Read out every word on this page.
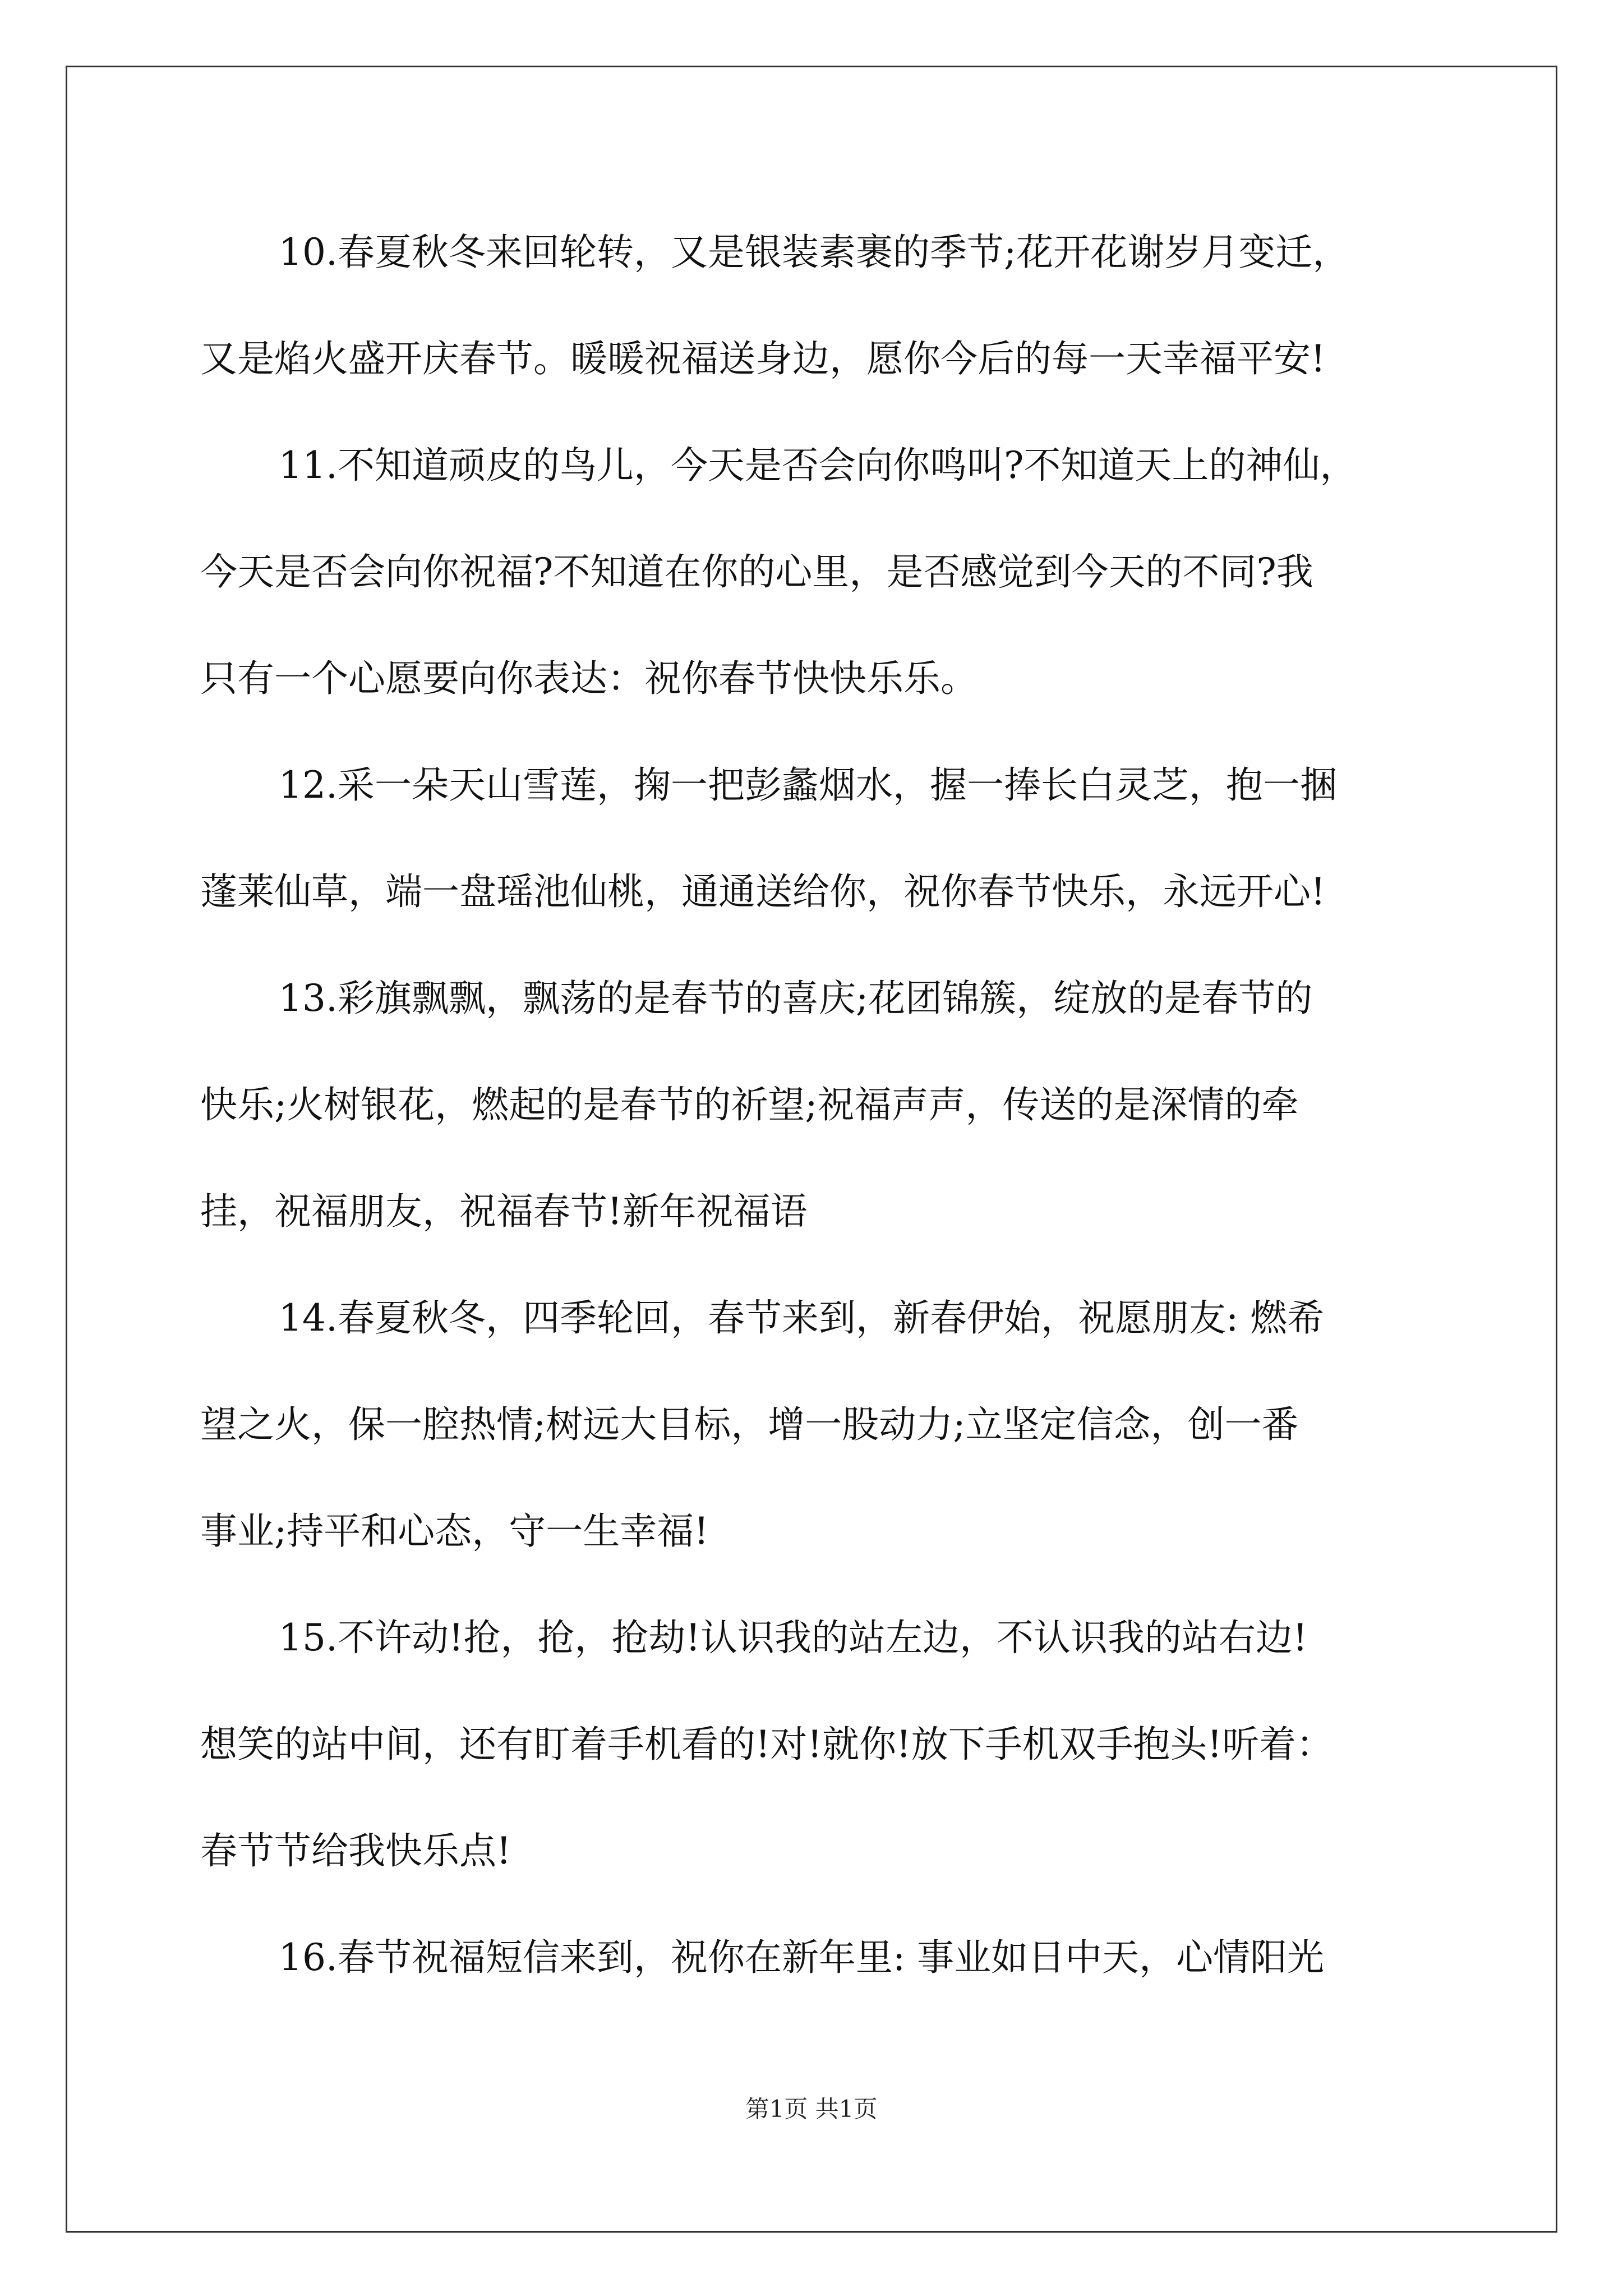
10.春夏秋冬来回轮转，又是银装素裹的季节;花开花谢岁月变迁，
又是焰火盛开庆春节。暖暖祝福送身边，愿你今后的每一天幸福平安!
11.不知道顽皮的鸟儿，今天是否会向你鸣叫?不知道天上的神仙，
今天是否会向你祝福?不知道在你的心里，是否感觉到今天的不同?我
只有一个心愿要向你表达：祝你春节快快乐乐。
12.采一朵天山雪莲，掬一把彭蠡烟水，握一捧长白灵芝，抱一捆
蓬莱仙草，端一盘瑶池仙桃，通通送给你，祝你春节快乐，永远开心!
13.彩旗飘飘，飘荡的是春节的喜庆;花团锦簇，绽放的是春节的
快乐;火树银花，燃起的是春节的祈望;祝福声声，传送的是深情的牵
挂，祝福朋友，祝福春节!新年祝福语
14.春夏秋冬，四季轮回，春节来到，新春伊始，祝愿朋友: 燃希
望之火，保一腔热情;树远大目标，增一股动力;立坚定信念，创一番
事业;持平和心态，守一生幸福!
15.不许动!抢，抢，抢劫!认识我的站左边，不认识我的站右边!
想笑的站中间，还有盯着手机看的!对!就你!放下手机双手抱头!听着：
春节节给我快乐点!
16.春节祝福短信来到，祝你在新年里: 事业如日中天，心情阳光
第1页 共1页
